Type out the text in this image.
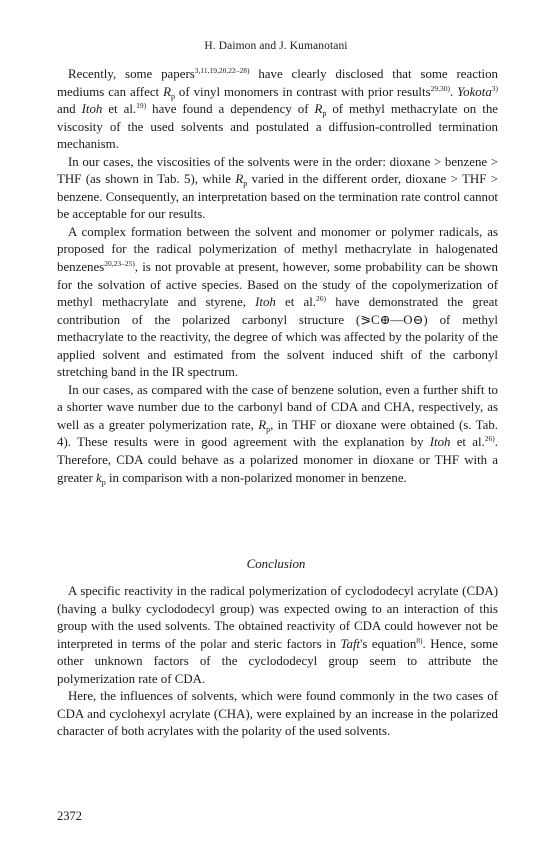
H. Daimon and J. Kumanotani

Recently, some papers$^{3,11,19,20,22-28)}$ have clearly disclosed that some reaction mediums can affect $R_p$ of vinyl monomers in contrast with prior results$^{29,30)}$. Yokota$^{3)}$ and Itoh et al.$^{19)}$ have found a dependency of $R_p$ of methyl methacrylate on the viscosity of the used solvents and postulated a diffusion-controlled termination mechanism.

In our cases, the viscosities of the solvents were in the order: dioxane > benzene > THF (as shown in Tab. 5), while $R_p$ varied in the different order, dioxane > THF > benzene. Consequently, an interpretation based on the termination rate control cannot be acceptable for our results.

A complex formation between the solvent and monomer or polymer radicals, as proposed for the radical polymerization of methyl methacrylate in halogenated benzenes$^{20,23-25)}$, is not provable at present, however, some probability can be shown for the solvation of active species. Based on the study of the copolymerization of methyl methacrylate and styrene, Itoh et al.$^{26)}$ have demonstrated the great contribution of the polarized carbonyl structure (⪖C⊕—O⊖) of methyl methacrylate to the reactivity, the degree of which was affected by the polarity of the applied solvent and estimated from the solvent induced shift of the carbonyl stretching band in the IR spectrum.

In our cases, as compared with the case of benzene solution, even a further shift to a shorter wave number due to the carbonyl band of CDA and CHA, respectively, as well as a greater polymerization rate, $R_p$, in THF or dioxane were obtained (s. Tab. 4). These results were in good agreement with the explanation by Itoh et al.$^{26)}$. Therefore, CDA could behave as a polarized monomer in dioxane or THF with a greater $k_p$ in comparison with a non-polarized monomer in benzene.

Conclusion

A specific reactivity in the radical polymerization of cyclododecyl acrylate (CDA) (having a bulky cyclododecyl group) was expected owing to an interaction of this group with the used solvents. The obtained reactivity of CDA could however not be interpreted in terms of the polar and steric factors in Taft's equation$^{8)}$. Hence, some other unknown factors of the cyclododecyl group seem to attribute the polymerization rate of CDA.

Here, the influences of solvents, which were found commonly in the two cases of CDA and cyclohexyl acrylate (CHA), were explained by an increase in the polarized character of both acrylates with the polarity of the used solvents.

2372
